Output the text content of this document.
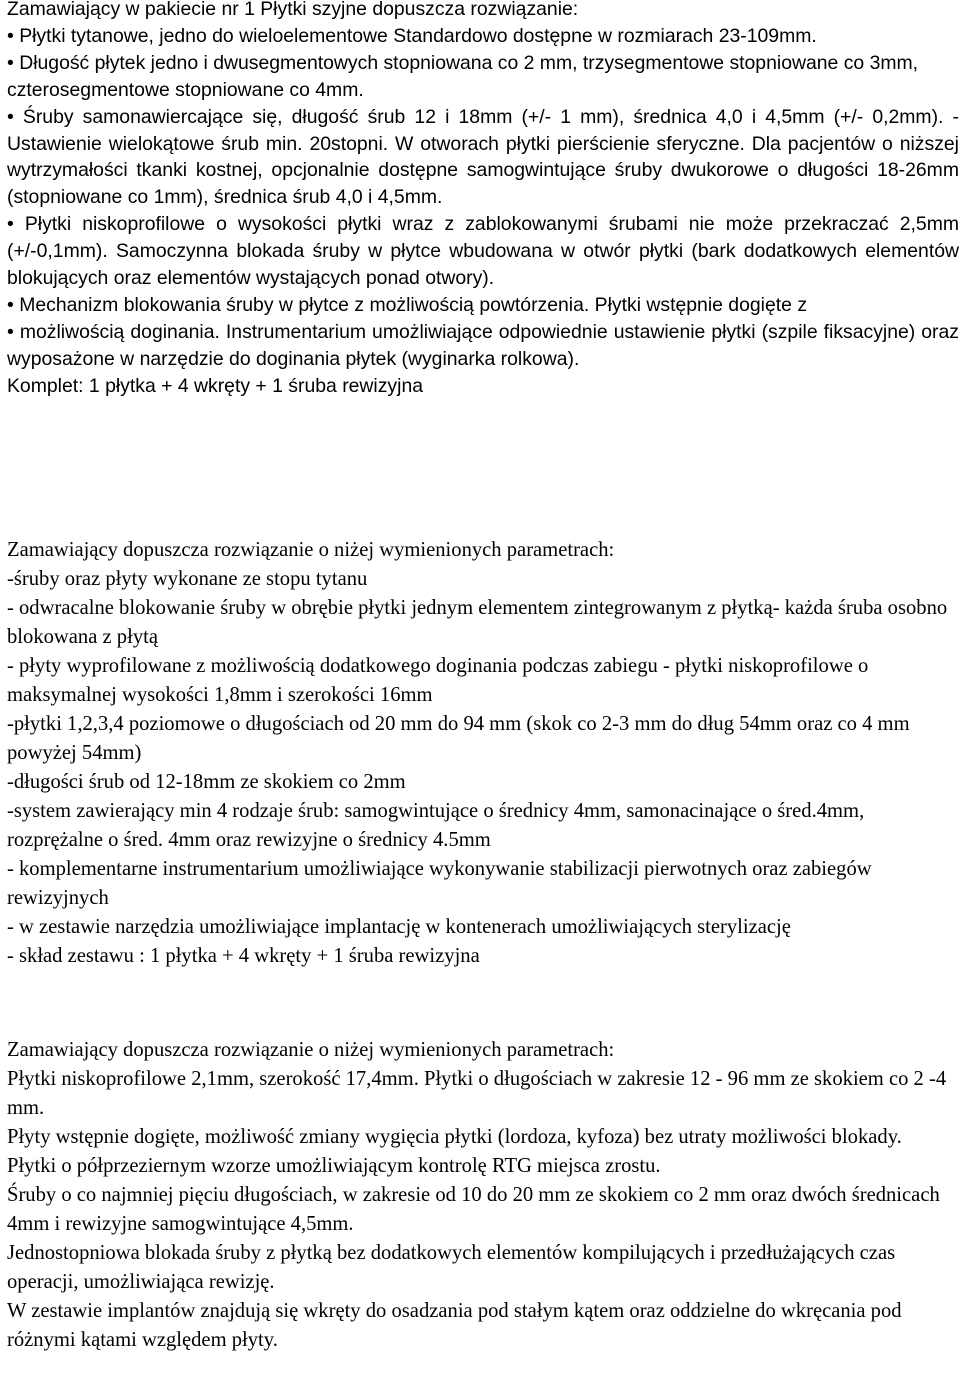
Zamawiający w pakiecie nr 1 Płytki szyjne dopuszcza rozwiązanie:

• Płytki tytanowe, jedno do wieloelementowe Standardowo dostępne w rozmiarach 23-109mm.

• Długość płytek jedno i dwusegmentowych stopniowana co 2 mm, trzysegmentowe stopniowane co 3mm, czterosegmentowe stopniowane co 4mm.

• Śruby samonawiercające się, długość śrub 12 i 18mm (+/- 1 mm), średnica 4,0 i 4,5mm (+/- 0,2mm). - Ustawienie wielokątowe śrub min. 20stopni. W otworach płytki pierścienie sferyczne. Dla pacjentów o niższej wytrzymałości tkanki kostnej, opcjonalnie dostępne samogwintujące śruby dwukorowe o długości 18-26mm (stopniowane co 1mm), średnica śrub 4,0 i 4,5mm.

• Płytki niskoprofilowe o wysokości płytki wraz z zablokowanymi śrubami nie może przekraczać 2,5mm (+/-0,1mm). Samoczynna blokada śruby w płytce wbudowana w otwór płytki (bark dodatkowych elementów blokujących oraz elementów wystających ponad otwory).

• Mechanizm blokowania śruby w płytce z możliwością powtórzenia. Płytki wstępnie dogięte z

• możliwością doginania. Instrumentarium umożliwiające odpowiednie ustawienie płytki (szpile fiksacyjne) oraz wyposażone w narzędzie do doginania płytek (wyginarka rolkowa).

Komplet: 1 płytka + 4 wkręty + 1 śruba rewizyjna

Zamawiający dopuszcza rozwiązanie o niżej wymienionych parametrach:

-śruby oraz płyty wykonane ze stopu tytanu

- odwracalne blokowanie śruby w obrębie płytki jednym elementem zintegrowanym z płytką- każda śruba osobno blokowana z płytą

- płyty wyprofilowane z możliwością dodatkowego doginania podczas zabiegu - płytki niskoprofilowe o maksymalnej wysokości 1,8mm i szerokości 16mm

-płytki 1,2,3,4 poziomowe o długościach od 20 mm do 94 mm (skok co 2-3 mm do dług 54mm oraz co 4 mm powyżej 54mm)

-długości śrub od 12-18mm ze skokiem co 2mm

-system zawierający min 4 rodzaje śrub: samogwintujące o średnicy 4mm, samonacinające o śred.4mm, rozprężalne o śred. 4mm oraz rewizyjne o średnicy 4.5mm

- komplementarne instrumentarium umożliwiające wykonywanie stabilizacji pierwotnych oraz zabiegów rewizyjnych

- w zestawie narzędzia umożliwiające implantację w kontenerach umożliwiających sterylizację

- skład zestawu : 1 płytka + 4 wkręty + 1 śruba rewizyjna

Zamawiający dopuszcza rozwiązanie o niżej wymienionych parametrach:

Płytki niskoprofilowe 2,1mm, szerokość 17,4mm. Płytki o długościach w zakresie 12 - 96 mm ze skokiem co 2 -4 mm.

Płyty wstępnie dogięte, możliwość zmiany wygięcia płytki (lordoza, kyfoza) bez utraty możliwości blokady.

Płytki o półprzeziernym wzorze umożliwiającym kontrolę RTG miejsca zrostu.

Śruby o co najmniej pięciu długościach, w zakresie od 10 do 20 mm ze skokiem co 2 mm oraz dwóch średnicach 4mm i rewizyjne samogwintujące 4,5mm.

Jednostopniowa blokada śruby z płytką bez dodatkowych elementów kompilujących i przedłużających czas operacji, umożliwiająca rewizję.

W zestawie implantów znajdują się wkręty do osadzania pod stałym kątem oraz oddzielne do wkręcania pod różnymi kątami względem płyty.
